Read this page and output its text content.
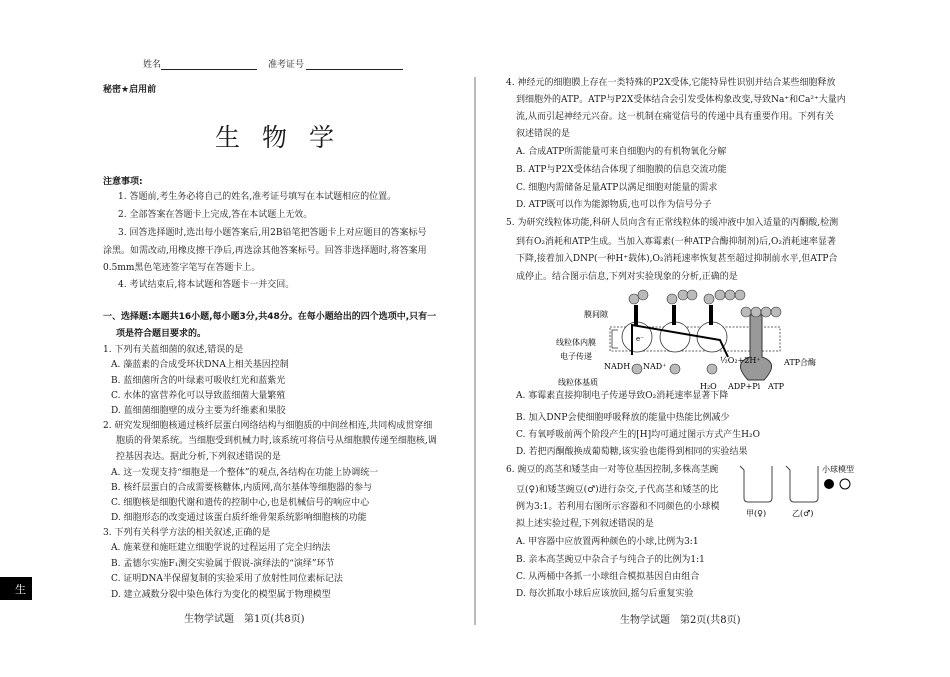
姓名	准考证号
秘密★启用前
生物学
注意事项:
1. 答题前,考生务必将自己的姓名,准考证号填写在本试题相应的位置。
2. 全部答案在答题卡上完成,答在本试题上无效。
3. 回答选择题时,选出每小题答案后,用2B铅笔把答题卡上对应题目的答案标号
涂黑。如需改动,用橡皮擦干净后,再选涂其他答案标号。回答非选择题时,将答案用
0.5mm黑色笔迹签字笔写在答题卡上。
4. 考试结束后,将本试题和答题卡一并交回。
一、选择题:本题共16小题,每小题3分,共48分。在每小题给出的四个选项中,只有一
项是符合题目要求的。
1. 下列有关蓝细菌的叙述,错误的是
A. 藻蓝素的合成受环状DNA上相关基因控制
B. 蓝细菌所含的叶绿素可吸收红光和蓝紫光
C. 水体的富营养化可以导致蓝细菌大量繁殖
D. 蓝细菌细胞壁的成分主要为纤维素和果胶
2. 研究发现细胞核通过核纤层蛋白网络结构与细胞质的中间丝相连,共同构成贯穿细
胞质的骨架系统。当细胞受到机械力时,该系统可将信号从细胞膜传递至细胞核,调
控基因表达。据此分析,下列叙述错误的是
A. 这一发现支持“细胞是一个整体”的观点,各结构在功能上协调统一
B. 核纤层蛋白的合成需要核糖体,内质网,高尔基体等细胞器的参与
C. 细胞核是细胞代谢和遗传的控制中心,也是机械信号的响应中心
D. 细胞形态的改变通过该蛋白质纤维骨架系统影响细胞核的功能
3. 下列有关科学方法的相关叙述,正确的是
A. 施莱登和施旺建立细胞学说的过程运用了完全归纳法
B. 孟德尔实施F₁测交实验属于假说-演绎法的“演绎”环节
C. 证明DNA半保留复制的实验采用了放射性同位素标记法
D. 建立减数分裂中染色体行为变化的模型属于物理模型
4. 神经元的细胞膜上存在一类特殊的P2X受体,它能特异性识别并结合某些细胞释放
到细胞外的ATP。ATP与P2X受体结合会引发受体构象改变,导致Na⁺和Ca²⁺大量内
流,从而引起神经元兴奋。这一机制在痛觉信号的传递中具有重要作用。下列有关
叙述错误的是
A. 合成ATP所需能量可来自细胞内的有机物氧化分解
B. ATP与P2X受体结合体现了细胞膜的信息交流功能
C. 细胞内需储备足量ATP以满足细胞对能量的需求
D. ATP既可以作为能源物质,也可以作为信号分子
5. 为研究线粒体功能,科研人员向含有正常线粒体的缓冲液中加入适量的丙酮酸,检测
到有O₂消耗和ATP生成。当加入寡霉素(一种ATP合酶抑制剂)后,O₂消耗速率显著
下降,接着加入DNP(一种H⁺载体),O₂消耗速率恢复甚至超过抑制前水平,但ATP合
成停止。结合图示信息,下列对实验现象的分析,正确的是
A. 寡霉素直接抑制电子传递导致O₂消耗速率显著下降
B. 加入DNP会使细胞呼吸释放的能量中热能比例减少
C. 有氧呼吸前两个阶段产生的[H]均可通过图示方式产生H₂O
D. 若把丙酮酸换成葡萄糖,该实验也能得到相同的实验结果
6. 豌豆的高茎和矮茎由一对等位基因控制,多株高茎豌
豆(♀)和矮茎豌豆(♂)进行杂交,子代高茎和矮茎的比
例为3:1。若利用右图所示容器和不同颜色的小球模
拟上述实验过程,下列叙述错误的是
A. 甲容器中应放置两种颜色的小球,比例为3:1
B. 亲本高茎豌豆中杂合子与纯合子的比例为1:1
C. 从两桶中各抓一小球组合模拟基因自由组合
D. 每次抓取小球后应该放回,摇匀后重复实验
膜间隙
线粒体内膜
电子传递
NADH NAD⁺
线粒体基质
e⁻
½O₂+2H⁺
H₂O ADP+Pi ATP
ATP合酶
甲(♀)	乙(♂)
小球模型
生物学试题　第1页(共8页)	生物学试题　第2页(共8页)
生
